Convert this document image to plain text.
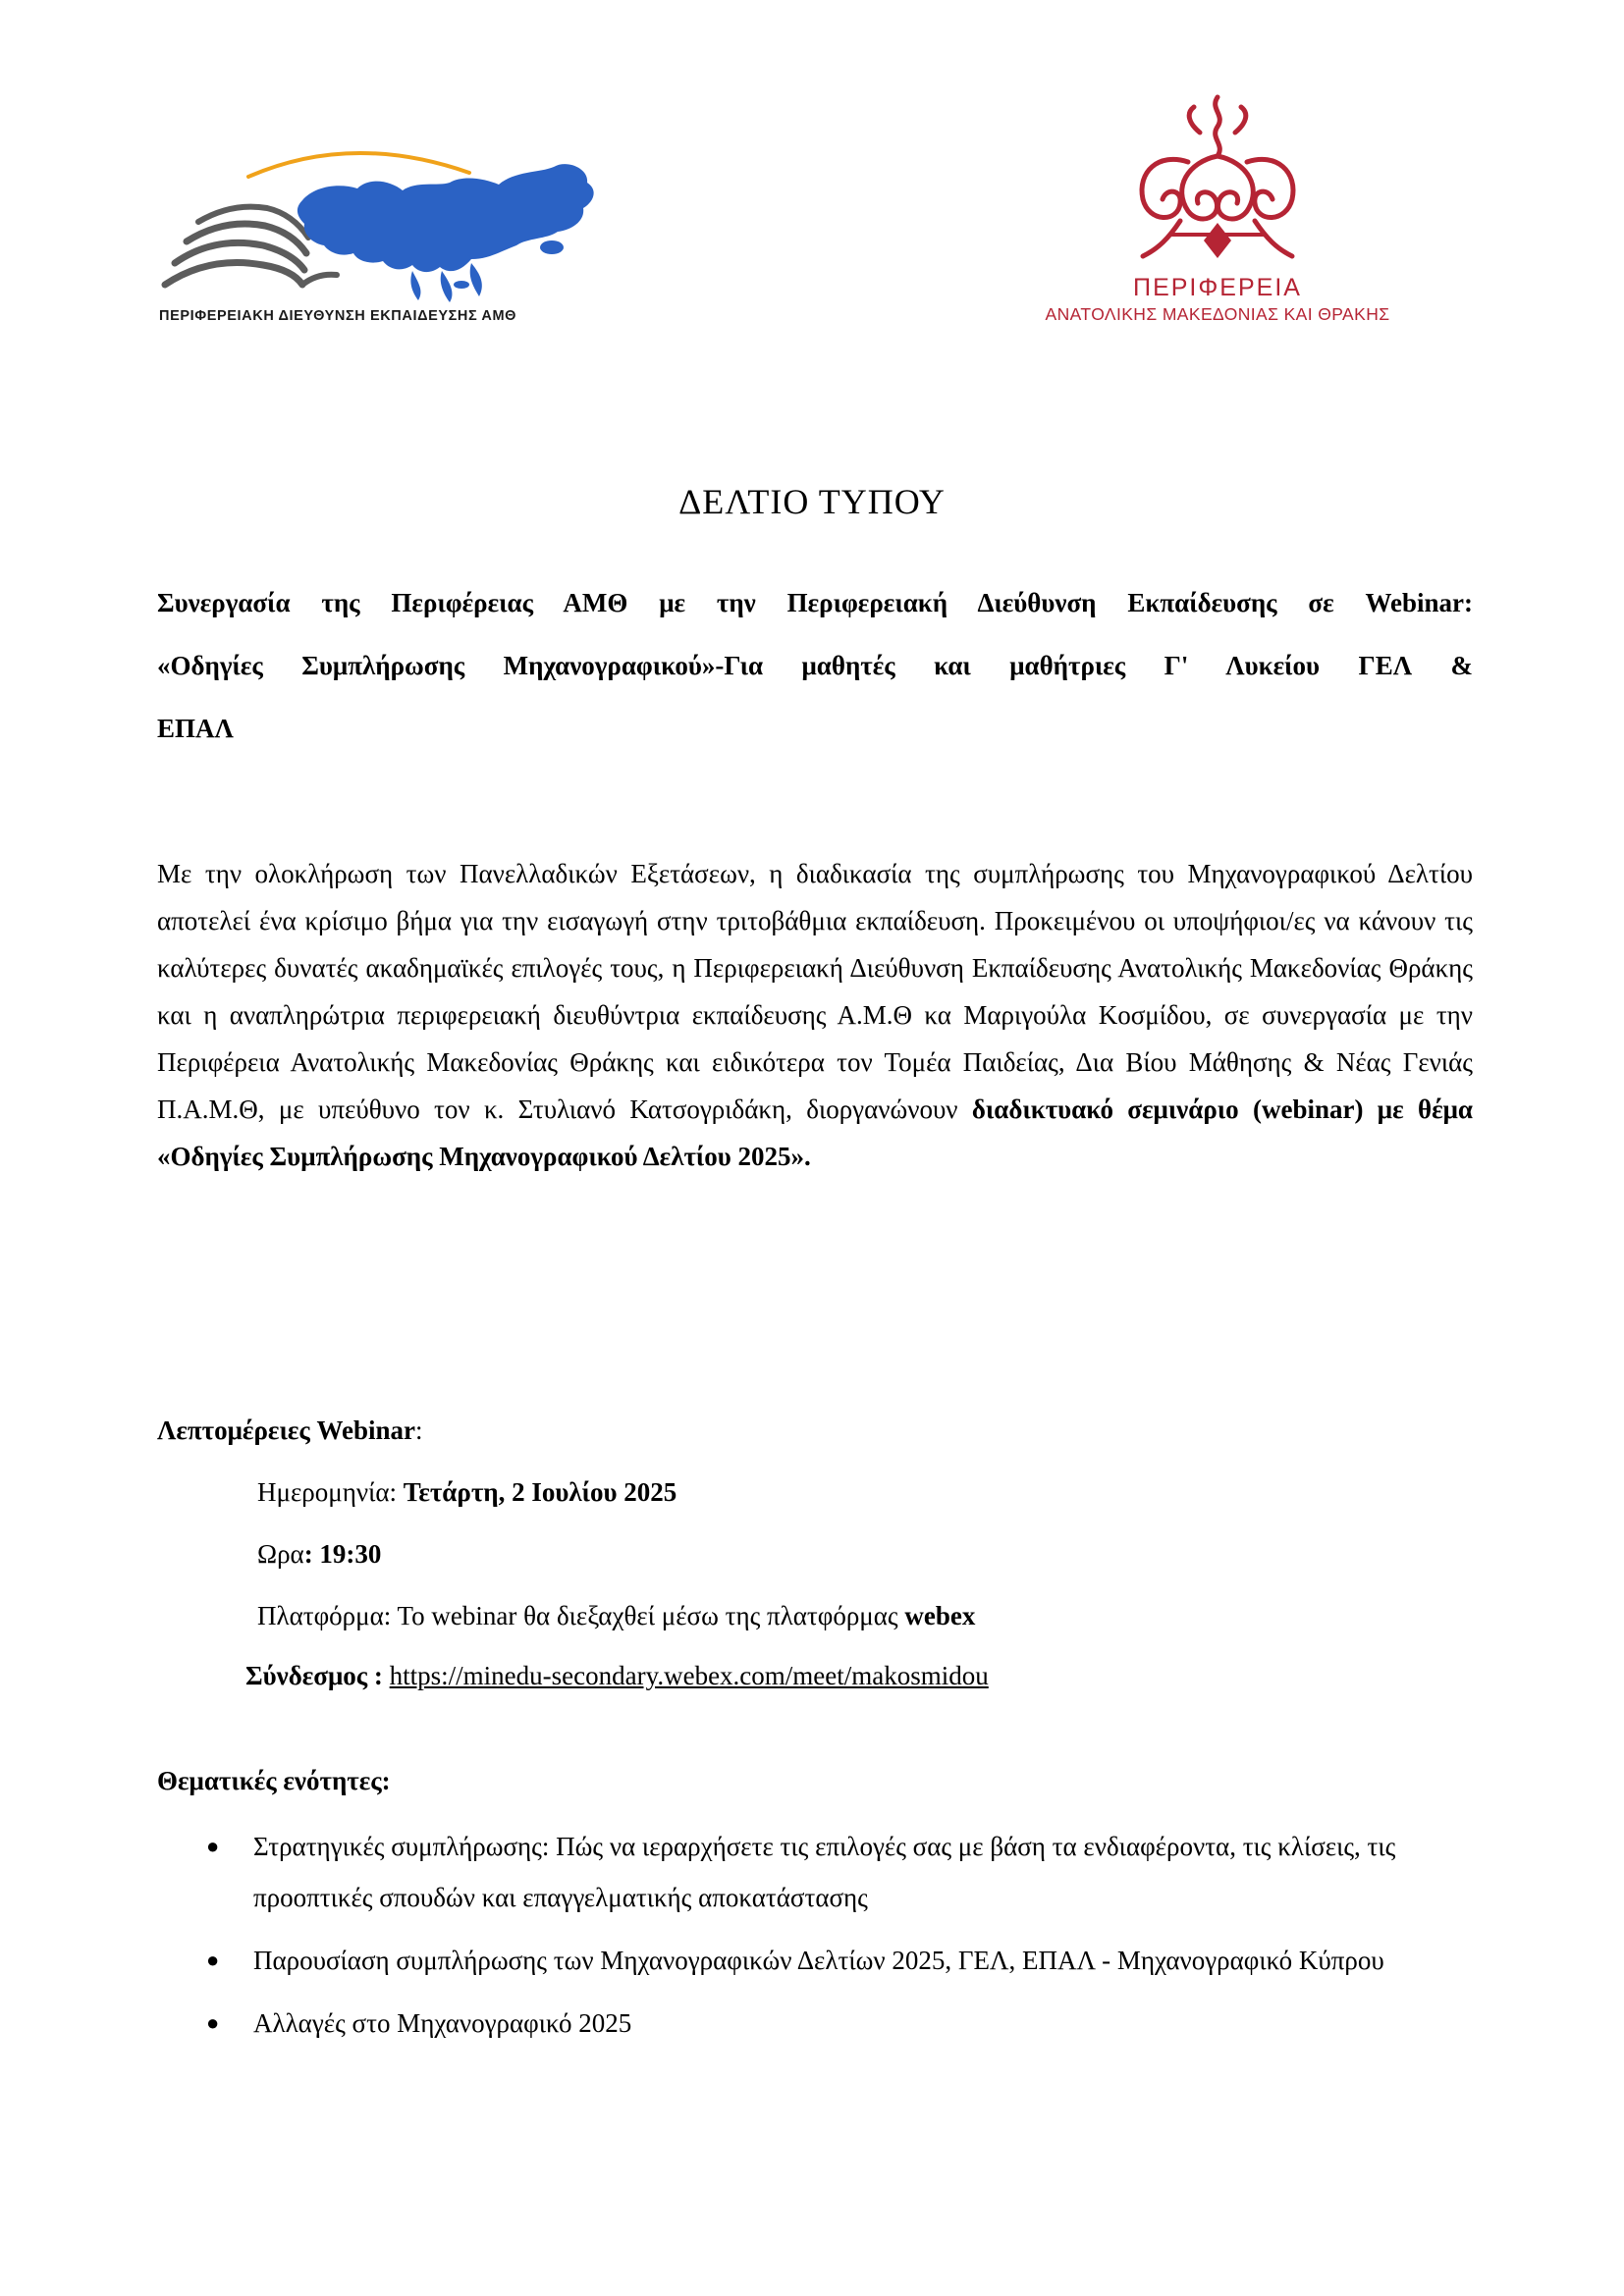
ΠΕΡΙΦΕΡΕΙΑΚΗ ΔΙΕΥΘΥΝΣΗ ΕΚΠΑΙΔΕΥΣΗΣ ΑΜΘ
ΠΕΡΙΦΕΡΕΙΑ
ΑΝΑΤΟΛΙΚΗΣ ΜΑΚΕΔΟΝΙΑΣ ΚΑΙ ΘΡΑΚΗΣ
ΔΕΛΤΙΟ ΤΥΠΟΥ
Συνεργασία της Περιφέρειας ΑΜΘ με την Περιφερειακή Διεύθυνση Εκπαίδευσης σε Webinar:
«Οδηγίες Συμπλήρωσης Μηχανογραφικού»-Για μαθητές και μαθήτριες Γ' Λυκείου ΓΕΛ &
ΕΠΑΛ
Με την ολοκλήρωση των Πανελλαδικών Εξετάσεων, η διαδικασία της συμπλήρωσης του Μηχανογραφικού Δελτίου αποτελεί ένα κρίσιμο βήμα για την εισαγωγή στην τριτοβάθμια εκπαίδευση. Προκειμένου οι υποψήφιοι/ες να κάνουν τις καλύτερες δυνατές ακαδημαϊκές επιλογές τους, η Περιφερειακή Διεύθυνση Εκπαίδευσης Ανατολικής Μακεδονίας Θράκης και η αναπληρώτρια περιφερειακή διευθύντρια εκπαίδευσης Α.Μ.Θ κα Μαριγούλα Κοσμίδου, σε συνεργασία με την Περιφέρεια Ανατολικής Μακεδονίας Θράκης και ειδικότερα τον Τομέα Παιδείας, Δια Βίου Μάθησης & Νέας Γενιάς Π.Α.Μ.Θ, με υπεύθυνο τον κ. Στυλιανό Κατσογριδάκη, διοργανώνουν διαδικτυακό σεμινάριο (webinar) με θέμα «Οδηγίες Συμπλήρωσης Μηχανογραφικού Δελτίου 2025».
Λεπτομέρειες Webinar:
Ημερομηνία: Τετάρτη, 2 Ιουλίου 2025
Ωρα: 19:30
Πλατφόρμα: Το webinar θα διεξαχθεί μέσω της πλατφόρμας webex
Σύνδεσμος : https://minedu-secondary.webex.com/meet/makosmidou
Θεματικές ενότητες:
● Στρατηγικές συμπλήρωσης: Πώς να ιεραρχήσετε τις επιλογές σας με βάση τα ενδιαφέροντα, τις κλίσεις, τις προοπτικές σπουδών και επαγγελματικής αποκατάστασης
● Παρουσίαση συμπλήρωσης των Μηχανογραφικών Δελτίων 2025, ΓΕΛ, ΕΠΑΛ - Μηχανογραφικό Κύπρου
● Αλλαγές στο Μηχανογραφικό 2025
